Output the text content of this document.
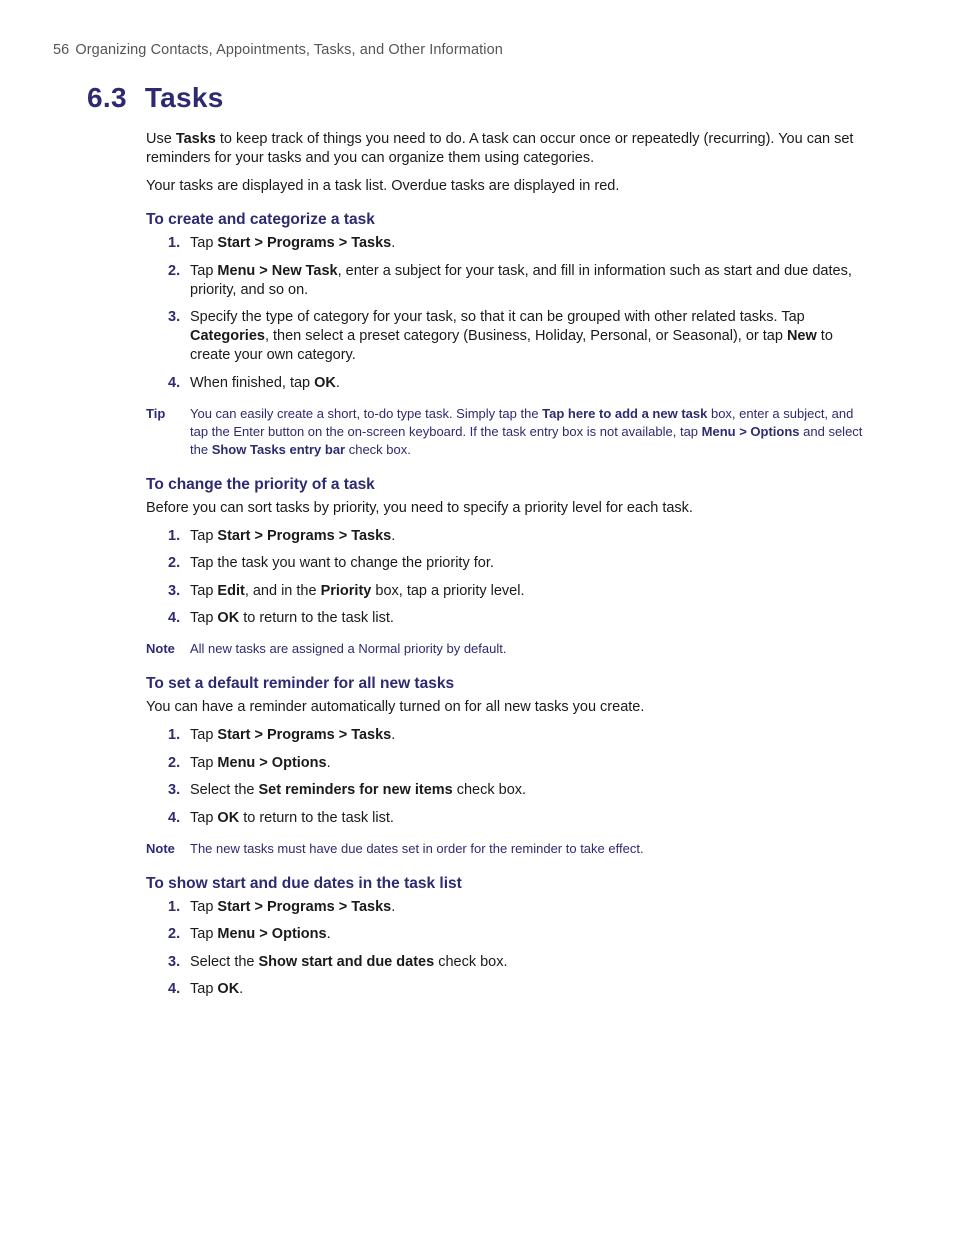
56 Organizing Contacts, Appointments, Tasks, and Other Information
6.3 Tasks

Use Tasks to keep track of things you need to do. A task can occur once or repeatedly (recurring). You can set reminders for your tasks and you can organize them using categories.

Your tasks are displayed in a task list. Overdue tasks are displayed in red.

To create and categorize a task
1. Tap Start > Programs > Tasks.
2. Tap Menu > New Task, enter a subject for your task, and fill in information such as start and due dates, priority, and so on.
3. Specify the type of category for your task, so that it can be grouped with other related tasks. Tap Categories, then select a preset category (Business, Holiday, Personal, or Seasonal), or tap New to create your own category.
4. When finished, tap OK.
Tip You can easily create a short, to-do type task. Simply tap the Tap here to add a new task box, enter a subject, and tap the Enter button on the on-screen keyboard. If the task entry box is not available, tap Menu > Options and select the Show Tasks entry bar check box.
To change the priority of a task

Before you can sort tasks by priority, you need to specify a priority level for each task.

1. Tap Start > Programs > Tasks.
2. Tap the task you want to change the priority for.
3. Tap Edit, and in the Priority box, tap a priority level.
4. Tap OK to return to the task list.
Note All new tasks are assigned a Normal priority by default.
To set a default reminder for all new tasks

You can have a reminder automatically turned on for all new tasks you create.

1. Tap Start > Programs > Tasks.
2. Tap Menu > Options.
3. Select the Set reminders for new items check box.
4. Tap OK to return to the task list.
Note The new tasks must have due dates set in order for the reminder to take effect.
To show start and due dates in the task list
1. Tap Start > Programs > Tasks.
2. Tap Menu > Options.
3. Select the Show start and due dates check box.
4. Tap OK.
